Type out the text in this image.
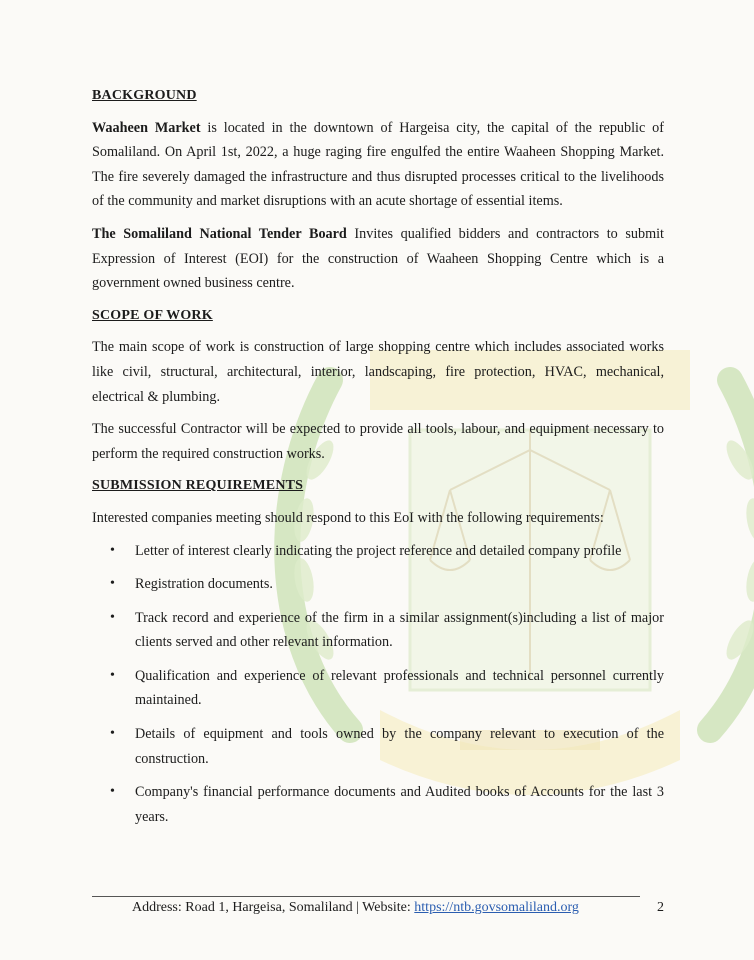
BACKGROUND

Waaheen Market is located in the downtown of Hargeisa city, the capital of the republic of Somaliland. On April 1st, 2022, a huge raging fire engulfed the entire Waaheen Shopping Market. The fire severely damaged the infrastructure and thus disrupted processes critical to the livelihoods of the community and market disruptions with an acute shortage of essential items.

The Somaliland National Tender Board Invites qualified bidders and contractors to submit Expression of Interest (EOI) for the construction of Waaheen Shopping Centre which is a government owned business centre.

SCOPE OF WORK

The main scope of work is construction of large shopping centre which includes associated works like civil, structural, architectural, interior, landscaping, fire protection, HVAC, mechanical, electrical & plumbing.

The successful Contractor will be expected to provide all tools, labour, and equipment necessary to perform the required construction works.

SUBMISSION REQUIREMENTS

Interested companies meeting should respond to this EoI with the following requirements:

• Letter of interest clearly indicating the project reference and detailed company profile
• Registration documents.
• Track record and experience of the firm in a similar assignment(s)including a list of major clients served and other relevant information.
• Qualification and experience of relevant professionals and technical personnel currently maintained.
• Details of equipment and tools owned by the company relevant to execution of the construction.
• Company's financial performance documents and Audited books of Accounts for the last 3 years.
Address: Road 1, Hargeisa, Somaliland | Website: https://ntb.govsomaliland.org	2
